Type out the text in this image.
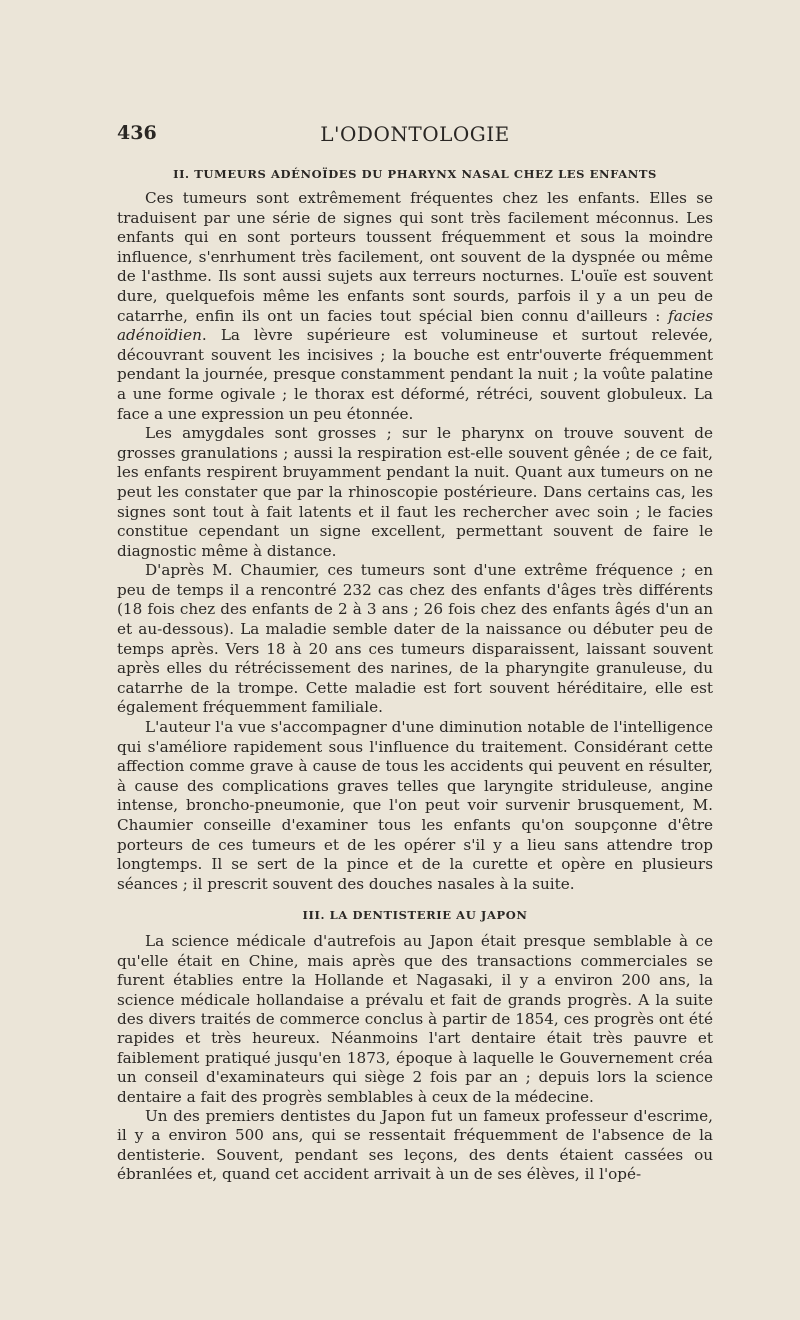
436	L'ODONTOLOGIE
II. TUMEURS ADÉNOÏDES DU PHARYNX NASAL CHEZ LES ENFANTS

Ces tumeurs sont extrêmement fréquentes chez les enfants. Elles se traduisent par une série de signes qui sont très facilement méconnus. Les enfants qui en sont porteurs toussent fréquemment et sous la moindre influence, s'enrhument très facilement, ont souvent de la dyspnée ou même de l'asthme. Ils sont aussi sujets aux terreurs nocturnes. L'ouïe est souvent dure, quelquefois même les enfants sont sourds, parfois il y a un peu de catarrhe, enfin ils ont un facies tout spécial bien connu d'ailleurs : facies adénoïdien. La lèvre supérieure est volumineuse et surtout relevée, découvrant souvent les incisives ; la bouche est entr'ouverte fréquemment pendant la journée, presque constamment pendant la nuit ; la voûte palatine a une forme ogivale ; le thorax est déformé, rétréci, souvent globuleux. La face a une expression un peu étonnée.

Les amygdales sont grosses ; sur le pharynx on trouve souvent de grosses granulations ; aussi la respiration est-elle souvent gênée ; de ce fait, les enfants respirent bruyamment pendant la nuit. Quant aux tumeurs on ne peut les constater que par la rhinoscopie postérieure. Dans certains cas, les signes sont tout à fait latents et il faut les rechercher avec soin ; le facies constitue cependant un signe excellent, permettant souvent de faire le diagnostic même à distance.

D'après M. Chaumier, ces tumeurs sont d'une extrême fréquence ; en peu de temps il a rencontré 232 cas chez des enfants d'âges très différents (18 fois chez des enfants de 2 à 3 ans ; 26 fois chez des enfants âgés d'un an et au-dessous). La maladie semble dater de la naissance ou débuter peu de temps après. Vers 18 à 20 ans ces tumeurs disparaissent, laissant souvent après elles du rétrécissement des narines, de la pharyngite granuleuse, du catarrhe de la trompe. Cette maladie est fort souvent héréditaire, elle est également fréquemment familiale.

L'auteur l'a vue s'accompagner d'une diminution notable de l'intelligence qui s'améliore rapidement sous l'influence du traitement. Considérant cette affection comme grave à cause de tous les accidents qui peuvent en résulter, à cause des complications graves telles que laryngite striduleuse, angine intense, broncho-pneumonie, que l'on peut voir survenir brusquement, M. Chaumier conseille d'examiner tous les enfants qu'on soupçonne d'être porteurs de ces tumeurs et de les opérer s'il y a lieu sans attendre trop longtemps. Il se sert de la pince et de la curette et opère en plusieurs séances ; il prescrit souvent des douches nasales à la suite.

III. LA DENTISTERIE AU JAPON

La science médicale d'autrefois au Japon était presque semblable à ce qu'elle était en Chine, mais après que des transactions commerciales se furent établies entre la Hollande et Nagasaki, il y a environ 200 ans, la science médicale hollandaise a prévalu et fait de grands progrès. A la suite des divers traités de commerce conclus à partir de 1854, ces progrès ont été rapides et très heureux. Néanmoins l'art dentaire était très pauvre et faiblement pratiqué jusqu'en 1873, époque à laquelle le Gouvernement créa un conseil d'examinateurs qui siège 2 fois par an ; depuis lors la science dentaire a fait des progrès semblables à ceux de la médecine.

Un des premiers dentistes du Japon fut un fameux professeur d'escrime, il y a environ 500 ans, qui se ressentait fréquemment de l'absence de la dentisterie. Souvent, pendant ses leçons, des dents étaient cassées ou ébranlées et, quand cet accident arrivait à un de ses élèves, il l'opé-
